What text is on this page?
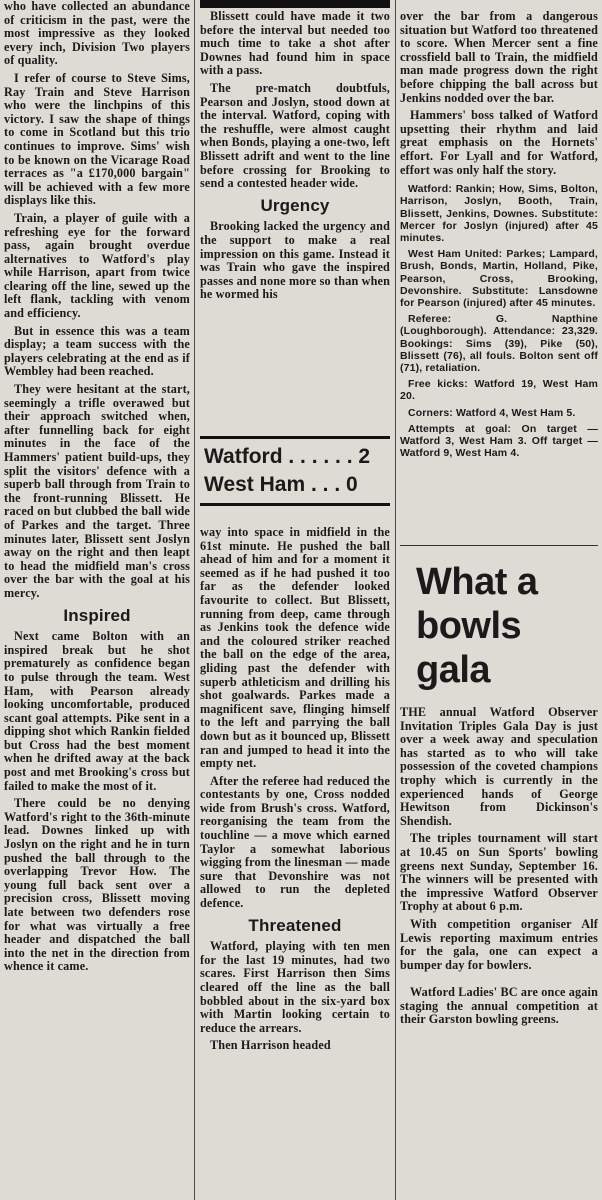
who have collected an abundance of criticism in the past, were the most impressive as they looked every inch, Division Two players of quality.

I refer of course to Steve Sims, Ray Train and Steve Harrison who were the linchpins of this victory. I saw the shape of things to come in Scotland but this trio continues to improve. Sims' wish to be known on the Vicarage Road terraces as "a £170,000 bargain" will be achieved with a few more displays like this.

Train, a player of guile with a refreshing eye for the forward pass, again brought overdue alternatives to Watford's play while Harrison, apart from twice clearing off the line, sewed up the left flank, tackling with venom and efficiency.

But in essence this was a team display; a team success with the players celebrating at the end as if Wembley had been reached.

They were hesitant at the start, seemingly a trifle overawed but their approach switched when, after funnelling back for eight minutes in the face of the Hammers' patient build-ups, they split the visitors' defence with a superb ball through from Train to the front-running Blissett. He raced on but clubbed the ball wide of Parkes and the target. Three minutes later, Blissett sent Joslyn away on the right and then leapt to head the midfield man's cross over the bar with the goal at his mercy.

Inspired

Next came Bolton with an inspired break but he shot prematurely as confidence began to pulse through the team. West Ham, with Pearson already looking uncomfortable, produced scant goal attempts. Pike sent in a dipping shot which Rankin fielded but Cross had the best moment when he drifted away at the back post and met Brooking's cross but failed to make the most of it.

There could be no denying Watford's right to the 36th-minute lead. Downes linked up with Joslyn on the right and he in turn pushed the ball through to the overlapping Trevor How. The young full back sent over a precision cross, Blissett moving late between two defenders rose for what was virtually a free header and dispatched the ball into the net in the direction from whence it came.

Blissett could have made it two before the interval but needed too much time to take a shot after Downes had found him in space with a pass.

The pre-match doubtfuls, Pearson and Joslyn, stood down at the interval. Watford, coping with the reshuffle, were almost caught when Bonds, playing a one-two, left Blissett adrift and went to the line before crossing for Brooking to send a contested header wide.

Urgency

Brooking lacked the urgency and the support to make a real impression on this game. Instead it was Train who gave the inspired passes and none more so than when he wormed his

Watford . . . . . . 2
West Ham . . . 0

way into space in midfield in the 61st minute. He pushed the ball ahead of him and for a moment it seemed as if he had pushed it too far as the defender looked favourite to collect. But Blissett, running from deep, came through as Jenkins took the defence wide and the coloured striker reached the ball on the edge of the area, gliding past the defender with superb athleticism and drilling his shot goalwards. Parkes made a magnificent save, flinging himself to the left and parrying the ball down but as it bounced up, Blissett ran and jumped to head it into the empty net.

After the referee had reduced the contestants by one, Cross nodded wide from Brush's cross. Watford, reorganising the team from the touchline — a move which earned Taylor a somewhat laborious wigging from the linesman — made sure that Devonshire was not allowed to run the depleted defence.

Threatened

Watford, playing with ten men for the last 19 minutes, had two scares. First Harrison then Sims cleared off the line as the ball bobbled about in the six-yard box with Martin looking certain to reduce the arrears.

Then Harrison headed

over the bar from a dangerous situation but Watford too threatened to score. When Mercer sent a fine crossfield ball to Train, the midfield man made progress down the right before chipping the ball across but Jenkins nodded over the bar.

Hammers' boss talked of Watford upsetting their rhythm and laid great emphasis on the Hornets' effort. For Lyall and for Watford, effort was only half the story.

Watford: Rankin; How, Sims, Bolton, Harrison, Joslyn, Booth, Train, Blissett, Jenkins, Downes. Substitute: Mercer for Joslyn (injured) after 45 minutes.

West Ham United: Parkes; Lampard, Brush, Bonds, Martin, Holland, Pike, Pearson, Cross, Brooking, Devonshire. Substitute: Lansdowne for Pearson (injured) after 45 minutes.

Referee: G. Napthine (Loughborough). Attendance: 23,329. Bookings: Sims (39), Pike (50), Blissett (76), all fouls. Bolton sent off (71), retaliation.

Free kicks: Watford 19, West Ham 20.

Corners: Watford 4, West Ham 5.

Attempts at goal: On target — Watford 3, West Ham 3. Off target — Watford 9, West Ham 4.

What a
bowls
gala

THE annual Watford Observer Invitation Triples Gala Day is just over a week away and speculation has started as to who will take possession of the coveted champions trophy which is currently in the experienced hands of George Hewitson from Dickinson's Shendish.

The triples tournament will start at 10.45 on Sun Sports' bowling greens next Sunday, September 16. The winners will be presented with the impressive Watford Observer Trophy at about 6 p.m.

With competition organiser Alf Lewis reporting maximum entries for the gala, one can expect a bumper day for bowlers.

Watford Ladies' BC are once again staging the annual competition at their Garston bowling greens.
